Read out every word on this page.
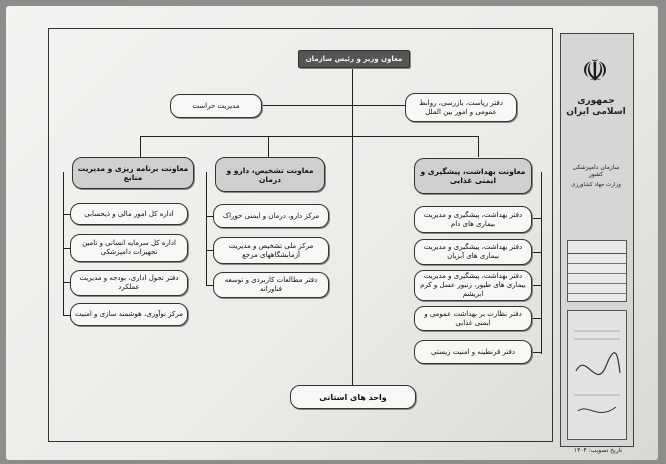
معاون وزیر و رئیس سازمان
مدیریت حراست	دفتر ریاست، بازرسی، روابط عمومی و امور بین الملل
معاونت برنامه ریزی و مدیریت منابع
معاونت تشخیص، دارو و درمان
معاونت بهداشت، پیشگیری و ایمنی غذایی
اداره کل امور مالی و ذیحسابی
اداره کل سرمایه انسانی و تامین تجهیزات دامپزشکی
دفتر تحول اداری، بودجه و مدیریت عملکرد
مرکز نوآوری، هوشمند سازی و امنیت
مرکز دارو، درمان و ایمنی خوراک
مرکز ملی تشخیص و مدیریت آزمایشگاههای مرجع
دفتر مطالعات کاربردی و توسعه فناورانه
دفتر بهداشت، پیشگیری و مدیریت بیماری های دام
دفتر بهداشت، پیشگیری و مدیریت بیماری های آبزیان
دفتر بهداشت، پیشگیری و مدیریت بیماری های طیور، زنبور عسل و کرم ابریشم
دفتر نظارت بر بهداشت عمومی و ایمنی غذایی
دفتر قرنطینه و امنیت زیستی
واحد های استانی
☫
جمهوری اسلامی ایران
سازمان دامپزشکی کشور
وزارت جهاد کشاورزی
تاریخ تصویب: ۱۴۰۴
